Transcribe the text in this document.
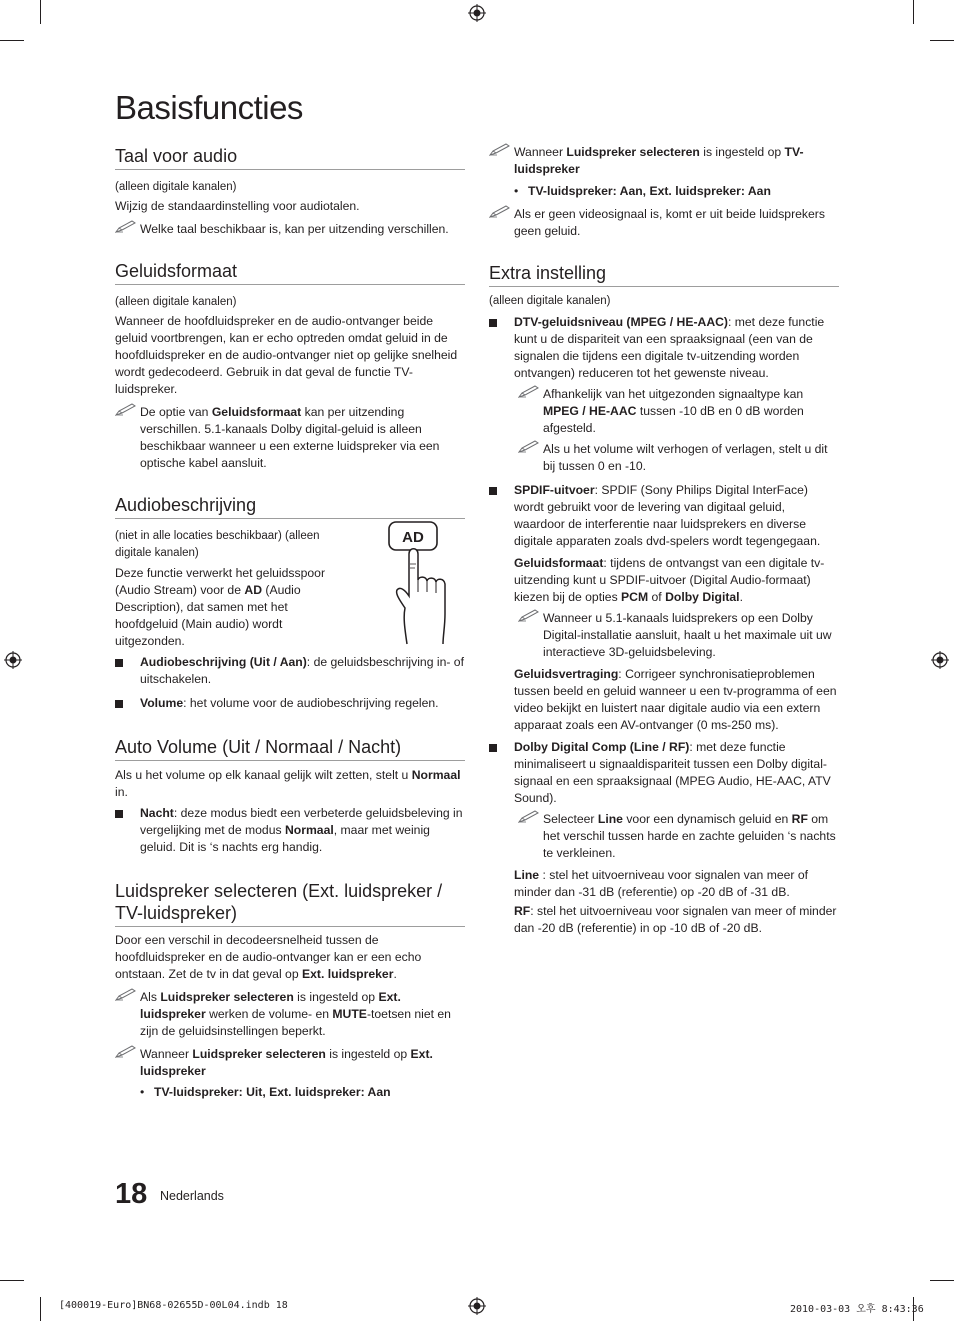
Basisfuncties
Taal voor audio

(alleen digitale kanalen)

Wijzig de standaardinstelling voor audiotalen.

Welke taal beschikbaar is, kan per uitzending verschillen.
Geluidsformaat

(alleen digitale kanalen)

Wanneer de hoofdluidspreker en de audio-ontvanger beide geluid voortbrengen, kan er echo optreden omdat geluid in de hoofdluidspreker en de audio-ontvanger niet op gelijke snelheid wordt gedecodeerd. Gebruik in dat geval de functie TV-luidspreker.

De optie van Geluidsformaat kan per uitzending verschillen. 5.1-kanaals Dolby digital-geluid is alleen beschikbaar wanneer u een externe luidspreker via een optische kabel aansluit.
Audiobeschrijving

(niet in alle locaties beschikbaar) (alleen digitale kanalen)

Deze functie verwerkt het geluidsspoor (Audio Stream) voor de AD (Audio Description), dat samen met het hoofdgeluid (Main audio) wordt uitgezonden.

AD
Audiobeschrijving (Uit / Aan): de geluidsbeschrijving in- of uitschakelen.
Volume: het volume voor de audiobeschrijving regelen.
Auto Volume (Uit / Normaal / Nacht)

Als u het volume op elk kanaal gelijk wilt zetten, stelt u Normaal in.

Nacht: deze modus biedt een verbeterde geluidsbeleving in vergelijking met de modus Normaal, maar met weinig geluid. Dit is ‘s nachts erg handig.
Luidspreker selecteren (Ext. luidspreker / TV-luidspreker)

Door een verschil in decodeersnelheid tussen de hoofdluidspreker en de audio-ontvanger kan er een echo ontstaan. Zet de tv in dat geval op Ext. luidspreker.

Als Luidspreker selecteren is ingesteld op Ext. luidspreker werken de volume- en MUTE-toetsen niet en zijn de geluidsinstellingen beperkt.
Wanneer Luidspreker selecteren is ingesteld op Ext. luidspreker
• TV-luidspreker: Uit, Ext. luidspreker: Aan
Wanneer Luidspreker selecteren is ingesteld op TV-luidspreker
• TV-luidspreker: Aan, Ext. luidspreker: Aan
Als er geen videosignaal is, komt er uit beide luidsprekers geen geluid.
Extra instelling

(alleen digitale kanalen)

DTV-geluidsniveau (MPEG / HE-AAC): met deze functie kunt u de dispariteit van een spraaksignaal (een van de signalen die tijdens een digitale tv-uitzending worden ontvangen) reduceren tot het gewenste niveau.
Afhankelijk van het uitgezonden signaaltype kan MPEG / HE-AAC tussen -10 dB en 0 dB worden afgesteld.
Als u het volume wilt verhogen of verlagen, stelt u dit bij tussen 0 en -10.
SPDIF-uitvoer: SPDIF (Sony Philips Digital InterFace) wordt gebruikt voor de levering van digitaal geluid, waardoor de interferentie naar luidsprekers en diverse digitale apparaten zoals dvd-spelers wordt tegengegaan.

Geluidsformaat: tijdens de ontvangst van een digitale tv-uitzending kunt u SPDIF-uitvoer (Digital Audio-formaat) kiezen bij de opties PCM of Dolby Digital.

Wanneer u 5.1-kanaals luidsprekers op een Dolby Digital-installatie aansluit, haalt u het maximale uit uw interactieve 3D-geluidsbeleving.

Geluidsvertraging: Corrigeer synchronisatieproblemen tussen beeld en geluid wanneer u een tv-programma of een video bekijkt en luistert naar digitale audio via een extern apparaat zoals een AV-ontvanger (0 ms-250 ms).

Dolby Digital Comp (Line / RF): met deze functie minimaliseert u signaaldispariteit tussen een Dolby digital-signaal en een spraaksignaal (MPEG Audio, HE-AAC, ATV Sound).
Selecteer Line voor een dynamisch geluid en RF om het verschil tussen harde en zachte geluiden ‘s nachts te verkleinen.

Line : stel het uitvoerniveau voor signalen van meer of minder dan -31 dB (referentie) op -20 dB of -31 dB.

RF: stel het uitvoerniveau voor signalen van meer of minder dan -20 dB (referentie) in op -10 dB of -20 dB.

18 Nederlands
[400019-Euro]BN68-02655D-00L04.indb 18	2010-03-03 오후 8:43:36
